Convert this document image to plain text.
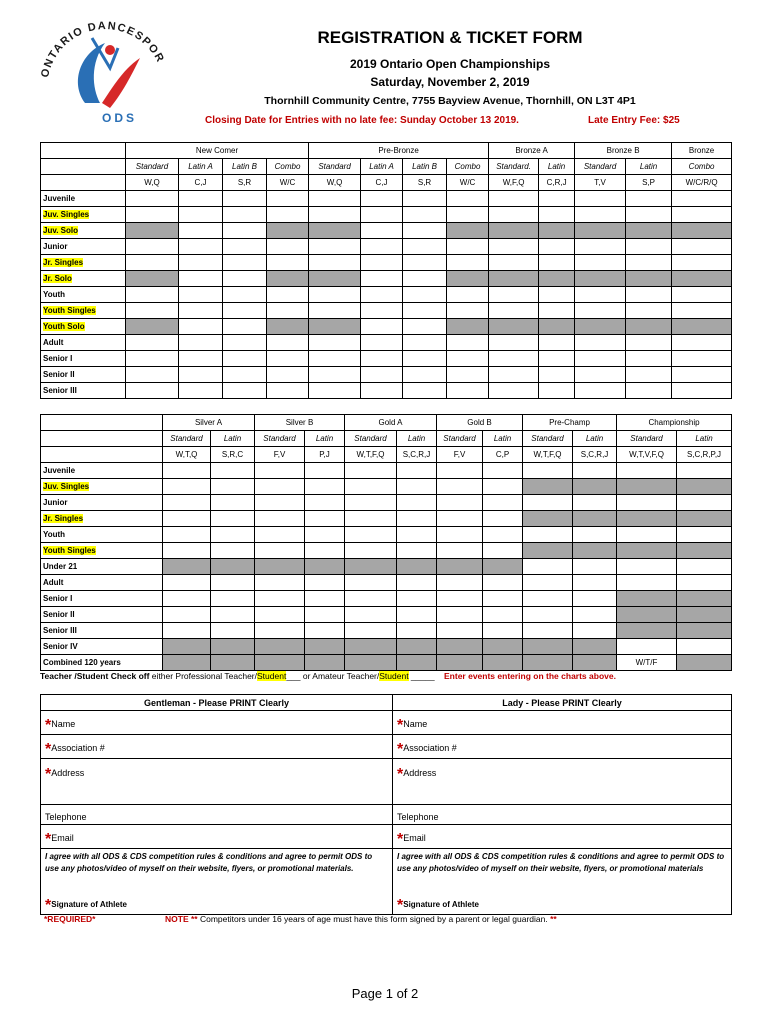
ONTARIO DANCESPOR
ODS
REGISTRATION & TICKET FORM
2019 Ontario Open Championships
Saturday, November 2, 2019
Thornhill Community Centre, 7755 Bayview Avenue, Thornhill, ON L3T 4P1
Closing Date for Entries with no late fee: Sunday October 13 2019.	Late Entry Fee: $25
	New Comer				Pre-Bronze				Bronze A		Bronze B		Bronze
	Standard	Latin A	Latin B	Combo	Standard	Latin A	Latin B	Combo	Standard.	Latin	Standard	Latin	Combo
	W,Q	C,J	S,R	W/C	W,Q	C,J	S,R	W/C	W,F,Q	C,R,J	T,V	S,P	W/C/R/Q
Juvenile													
Juv. Singles													
Juv. Solo													
Junior													
Jr. Singles													
Jr. Solo													
Youth													
Youth Singles													
Youth Solo													
Adult													
Senior I													
Senior II													
Senior III													
	Silver A		Silver B		Gold A		Gold B		Pre-Champ		Championship	
	Standard	Latin	Standard	Latin	Standard	Latin	Standard	Latin	Standard	Latin	Standard	Latin
	W,T,Q	S,R,C	F,V	P,J	W,T,F,Q	S,C,R,J	F,V	C,P	W,T,F,Q	S,C,R,J	W,T,V,F,Q	S,C,R,P,J
Juvenile												
Juv. Singles												
Junior												
Jr. Singles												
Youth												
Youth Singles												
Under 21												
Adult												
Senior I												
Senior II												
Senior III												
Senior IV												
Combined 120 years											W/T/F	
Teacher /Student Check off either Professional Teacher/Student___ or Amateur Teacher/Student _____ Enter events entering on the charts above.
Gentleman - Please PRINT Clearly	Lady - Please PRINT Clearly
*Name	*Name
*Association #	*Association #
*Address	*Address

Telephone	Telephone
*Email	*Email
I agree with all ODS & CDS competition rules & conditions and agree to permit ODS to use any photos/video of myself on their website, flyers, or promotional materials.	I agree with all ODS & CDS competition rules & conditions and agree to permit ODS to use any photos/video of myself on their website, flyers, or promotional materials
*Signature of Athlete	*Signature of Athlete
*REQUIRED*	NOTE ** Competitors under 16 years of age must have this form signed by a parent or legal guardian. **
Page 1 of 2
